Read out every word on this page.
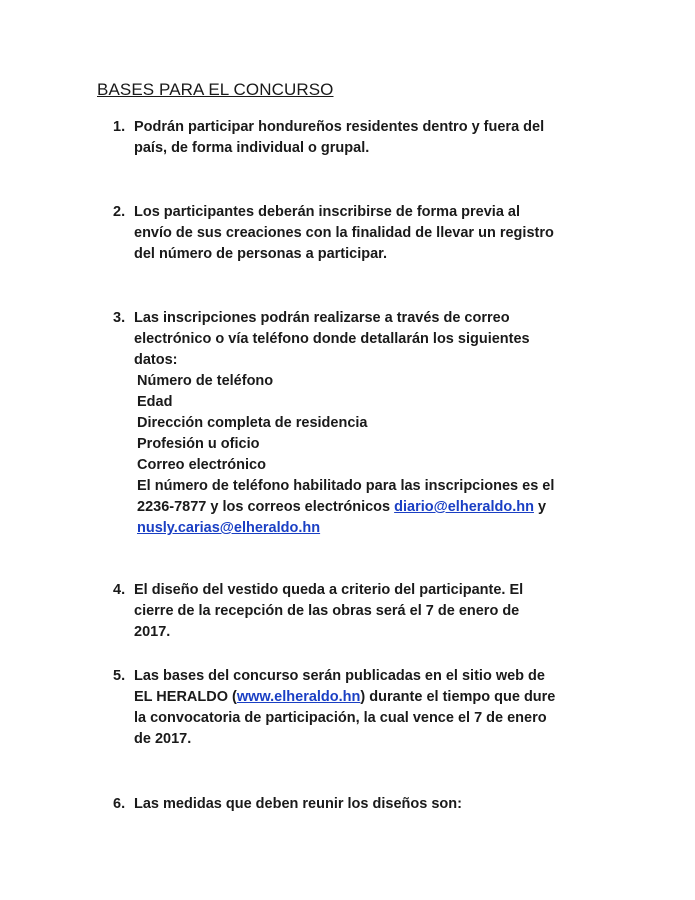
BASES PARA EL CONCURSO
1. Podrán participar hondureños residentes dentro y fuera del
país, de forma individual o grupal.
2. Los participantes deberán inscribirse de forma previa al
envío de sus creaciones con la finalidad de llevar un registro
del número de personas a participar.
3. Las inscripciones podrán realizarse a través de correo
electrónico o vía teléfono donde detallarán los siguientes
datos:
Número de teléfono
Edad
Dirección completa de residencia
Profesión u oficio
Correo electrónico
El número de teléfono habilitado para las inscripciones es el
2236-7877 y los correos electrónicos diario@elheraldo.hn y
nusly.carias@elheraldo.hn
4. El diseño del vestido queda a criterio del participante. El
cierre de la recepción de las obras será el 7 de enero de
2017.
5. Las bases del concurso serán publicadas en el sitio web de
EL HERALDO (www.elheraldo.hn) durante el tiempo que dure
la convocatoria de participación, la cual vence el 7 de enero
de 2017.
6. Las medidas que deben reunir los diseños son:
